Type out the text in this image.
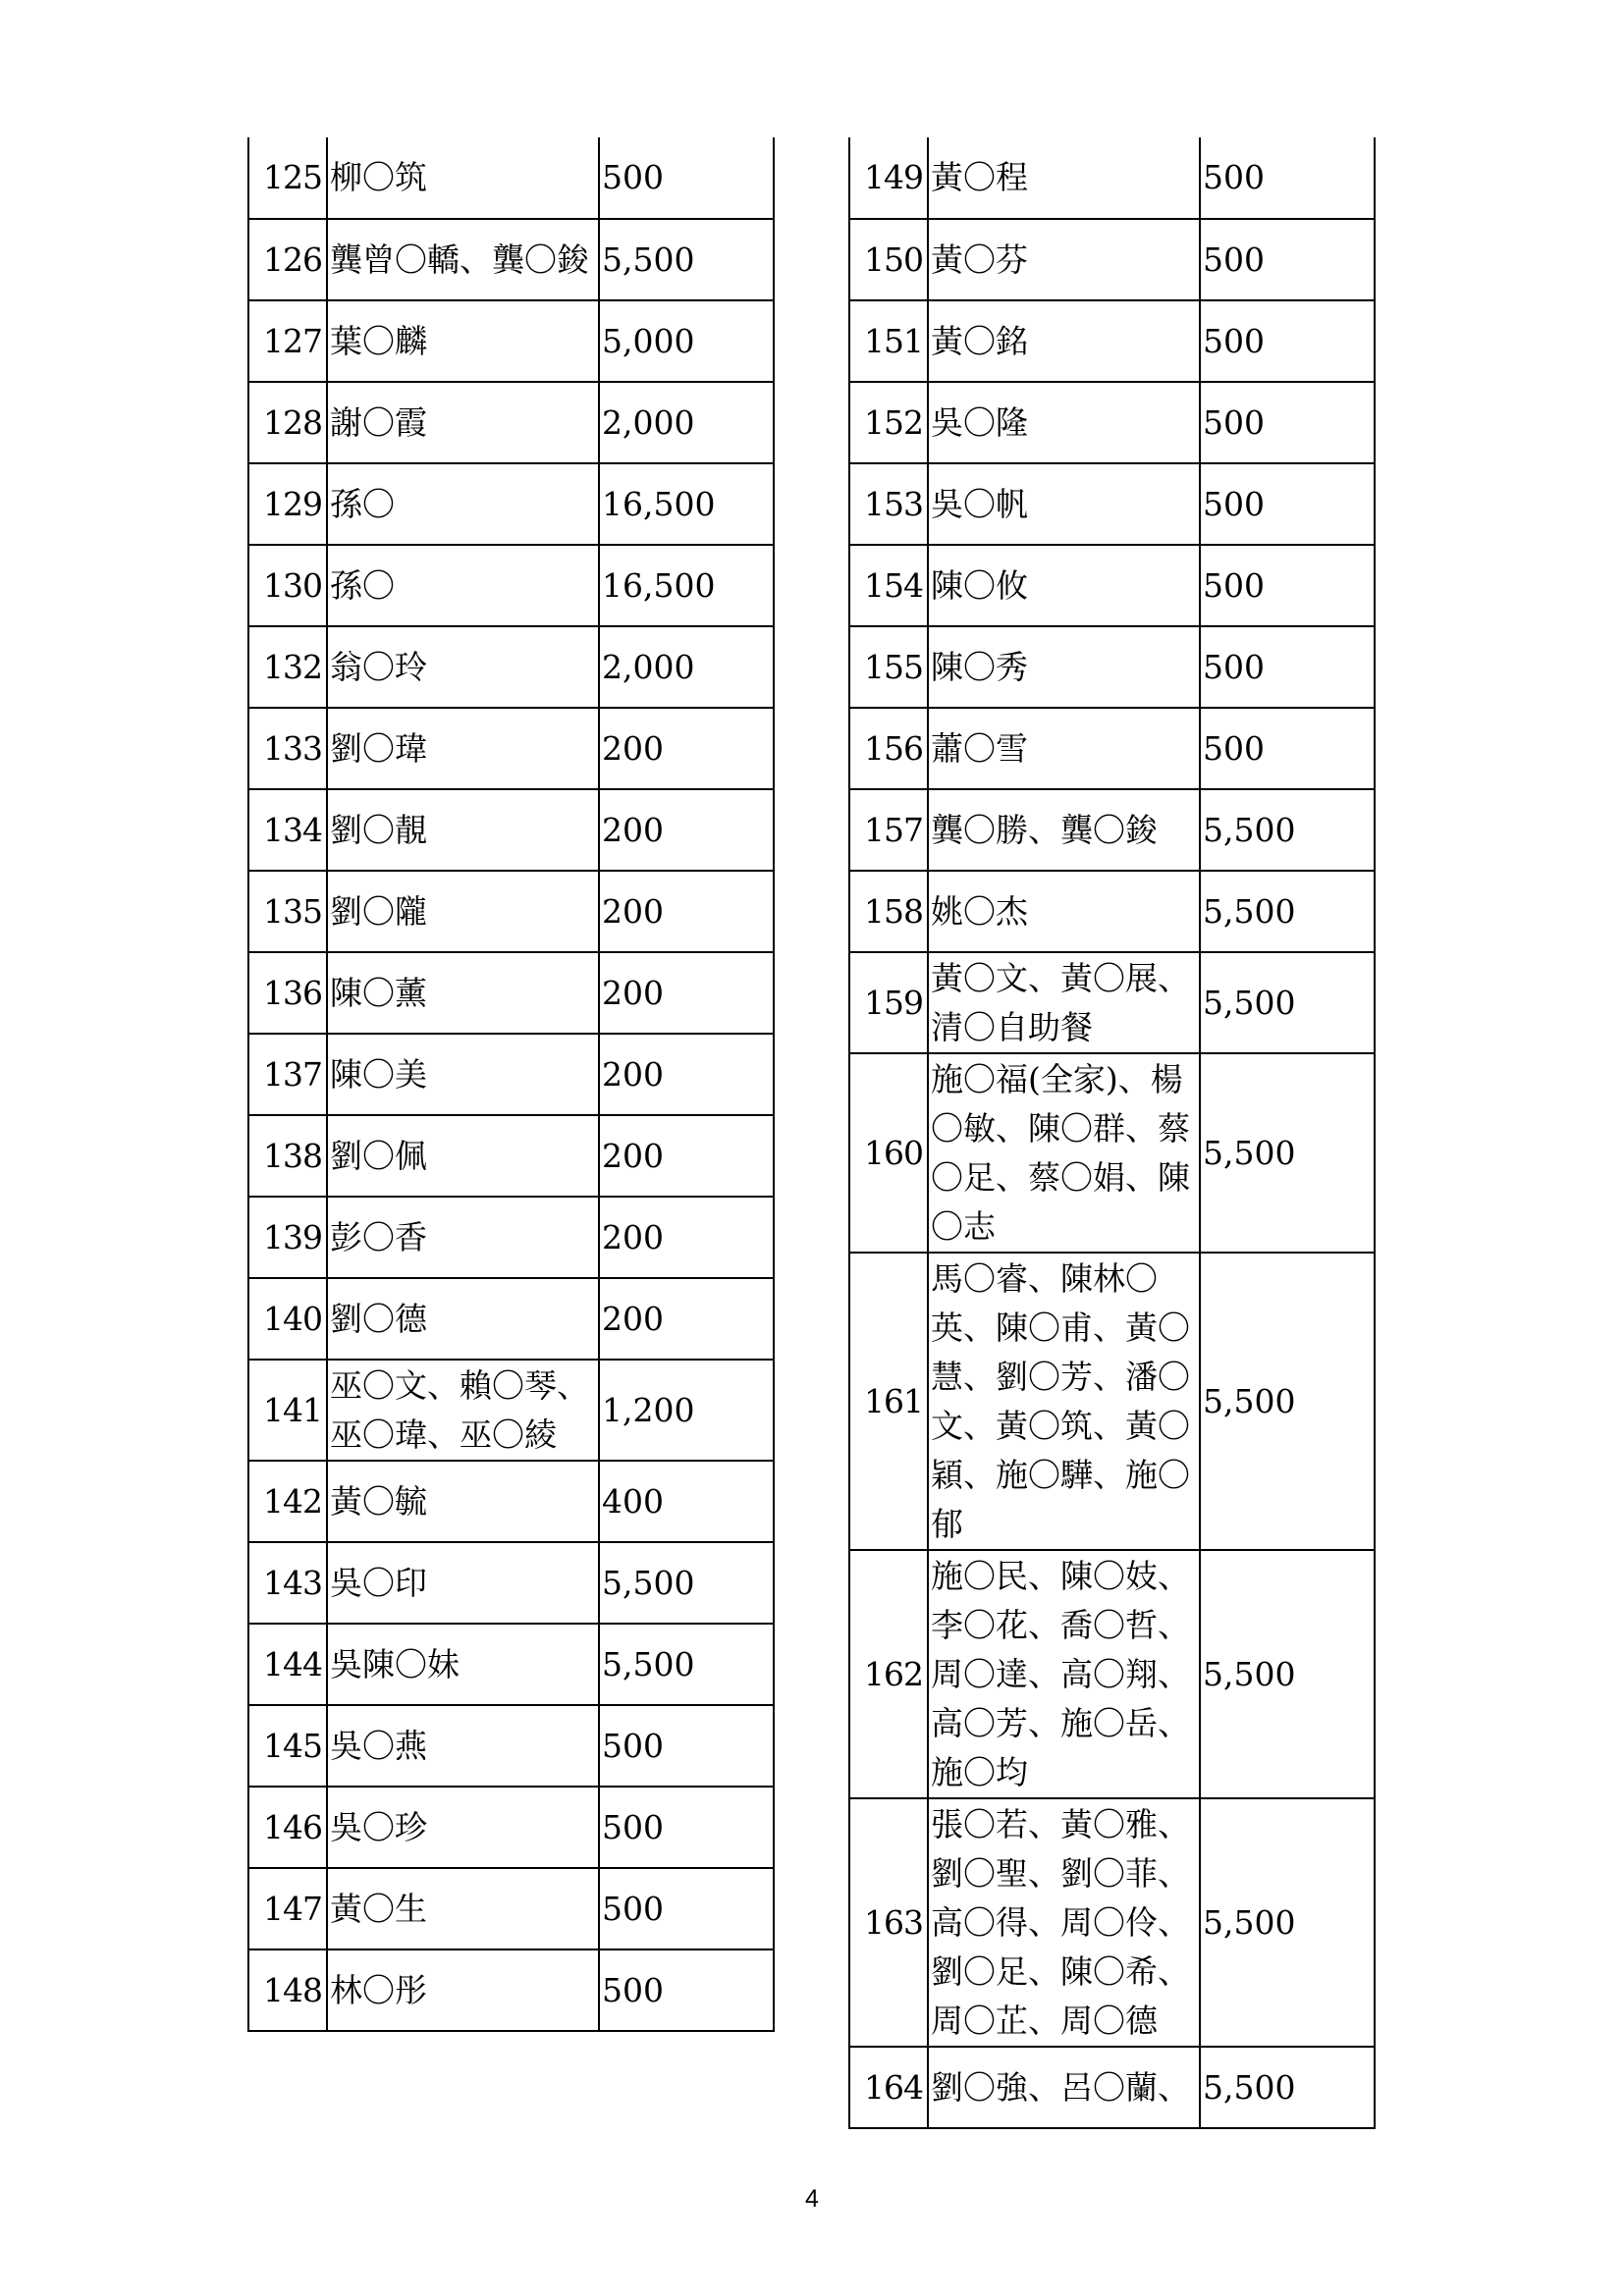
125	柳〇筑	500
126	龔曾〇轎、龔〇鋑	5,500
127	葉〇麟	5,000
128	謝〇霞	2,000
129	孫〇	16,500
130	孫〇	16,500
132	翁〇玲	2,000
133	劉〇瑋	200
134	劉〇靚	200
135	劉〇隴	200
136	陳〇薰	200
137	陳〇美	200
138	劉〇佩	200
139	彭〇香	200
140	劉〇德	200
141	巫〇文、賴〇琴、巫〇瑋、巫〇綾	1,200
142	黃〇毓	400
143	吳〇印	5,500
144	吳陳〇妹	5,500
145	吳〇燕	500
146	吳〇珍	500
147	黃〇生	500
148	林〇彤	500
149	黃〇程	500
150	黃〇芬	500
151	黃〇銘	500
152	吳〇隆	500
153	吳〇帆	500
154	陳〇攸	500
155	陳〇秀	500
156	蕭〇雪	500
157	龔〇勝、龔〇鋑	5,500
158	姚〇杰	5,500
159	黃〇文、黃〇展、清〇自助餐	5,500
160	施〇福(全家)、楊〇敏、陳〇群、蔡〇足、蔡〇娟、陳〇志	5,500
161	馬〇睿、陳林〇英、陳〇甫、黃〇慧、劉〇芳、潘〇文、黃〇筑、黃〇穎、施〇驊、施〇郁	5,500
162	施〇民、陳〇妓、李〇花、喬〇哲、周〇達、高〇翔、高〇芳、施〇岳、施〇均	5,500
163	張〇若、黃〇雅、劉〇聖、劉〇菲、高〇得、周〇伶、劉〇足、陳〇希、周〇芷、周〇德	5,500
164	劉〇強、呂〇蘭、	5,500
4
